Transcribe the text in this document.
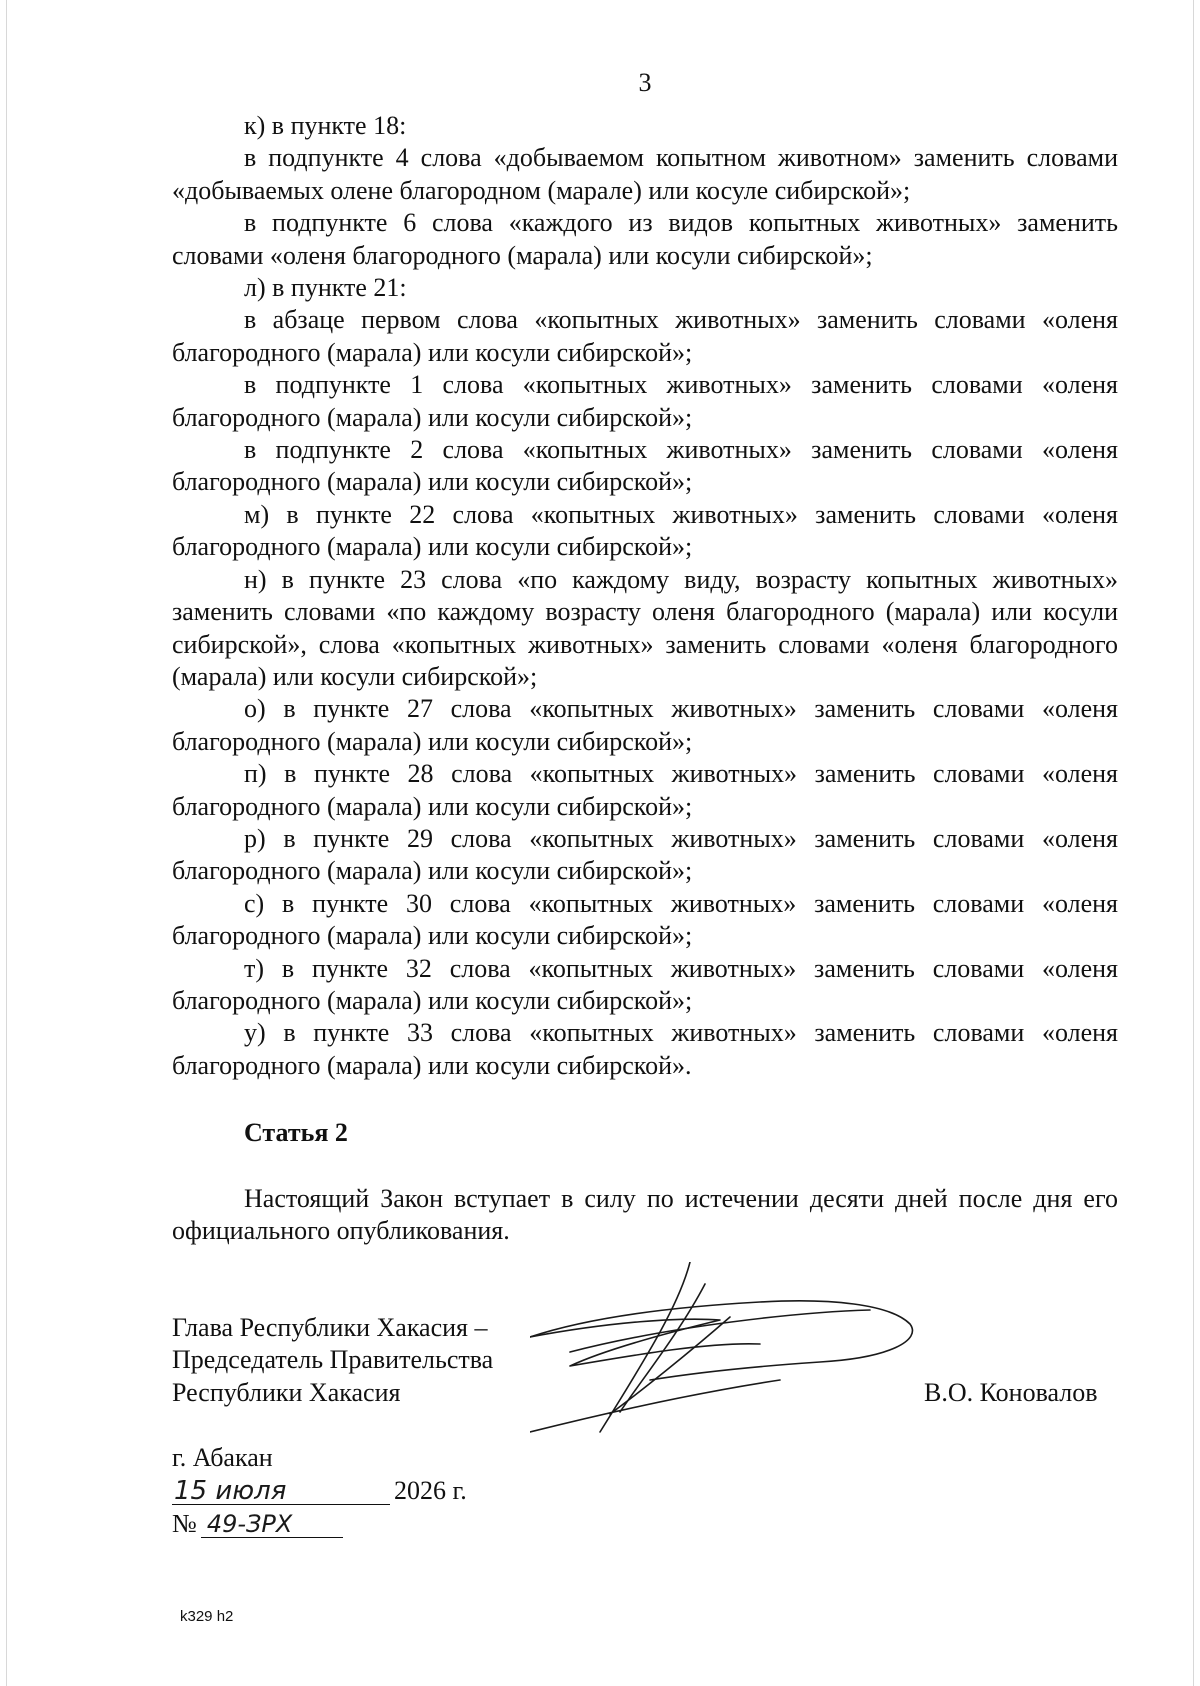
3

к) в пункте 18:

в подпункте 4 слова «добываемом копытном животном» заменить словами «добываемых олене благородном (марале) или косуле сибирской»;

в подпункте 6 слова «каждого из видов копытных животных» заменить словами «оленя благородного (марала) или косули сибирской»;

л) в пункте 21:

в абзаце первом слова «копытных животных» заменить словами «оленя благородного (марала) или косули сибирской»;

в подпункте 1 слова «копытных животных» заменить словами «оленя благородного (марала) или косули сибирской»;

в подпункте 2 слова «копытных животных» заменить словами «оленя благородного (марала) или косули сибирской»;

м) в пункте 22 слова «копытных животных» заменить словами «оленя благородного (марала) или косули сибирской»;

н) в пункте 23 слова «по каждому виду, возрасту копытных животных» заменить словами «по каждому возрасту оленя благородного (марала) или косули сибирской», слова «копытных животных» заменить словами «оленя благородного (марала) или косули сибирской»;

о) в пункте 27 слова «копытных животных» заменить словами «оленя благородного (марала) или косули сибирской»;

п) в пункте 28 слова «копытных животных» заменить словами «оленя благородного (марала) или косули сибирской»;

р) в пункте 29 слова «копытных животных» заменить словами «оленя благородного (марала) или косули сибирской»;

с) в пункте 30 слова «копытных животных» заменить словами «оленя благородного (марала) или косули сибирской»;

т) в пункте 32 слова «копытных животных» заменить словами «оленя благородного (марала) или косули сибирской»;

у) в пункте 33 слова «копытных животных» заменить словами «оленя благородного (марала) или косули сибирской».

Статья 2

Настоящий Закон вступает в силу по истечении десяти дней после дня его официального опубликования.

Глава Республики Хакасия –
Председатель Правительства
Республики Хакасия	В.О. Коновалов
г. Абакан
15 июля	2026 г.
№ 49-ЗРХ
k329 h2
